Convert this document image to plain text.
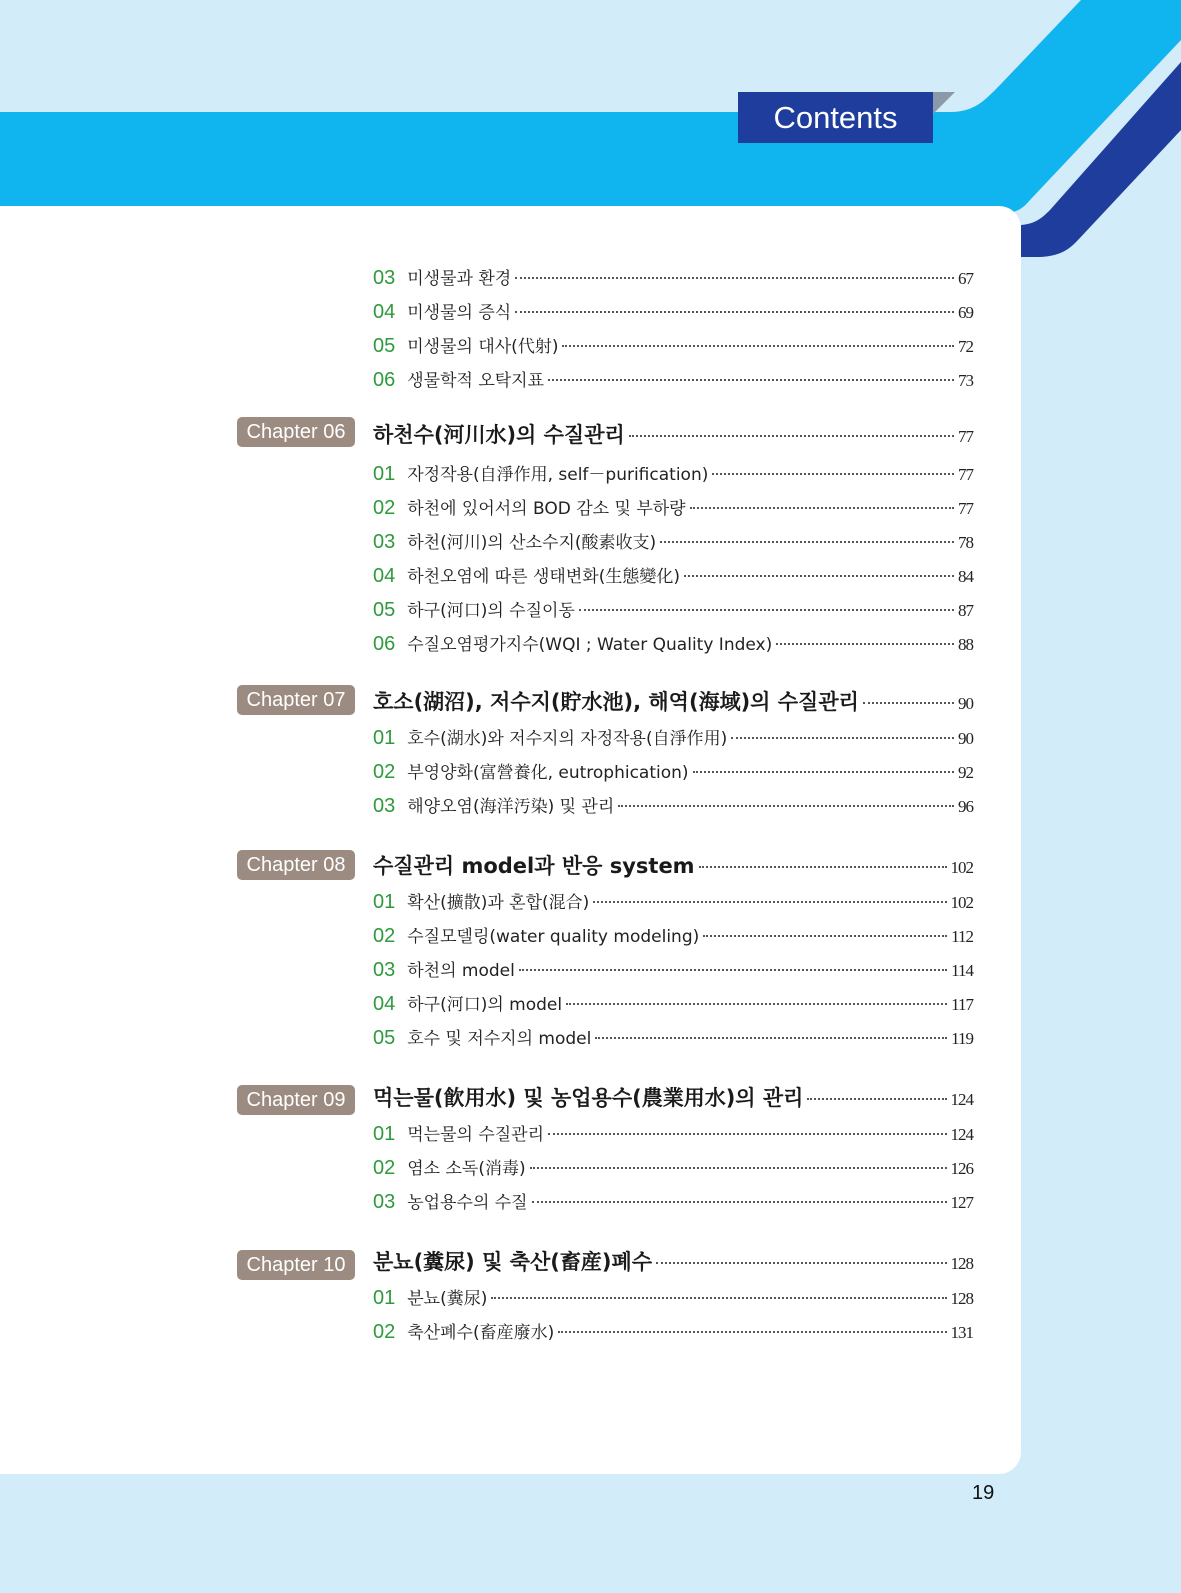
Contents
03 미생물과 환경	67
04 미생물의 증식	69
05 미생물의 대사(代射)	72
06 생물학적 오탁지표	73
Chapter 06	하천수(河川水)의 수질관리	77
01 자정작용(自淨作用, self－purification)	77
02 하천에 있어서의 BOD 감소 및 부하량	77
03 하천(河川)의 산소수지(酸素收支)	78
04 하천오염에 따른 생태변화(生態變化)	84
05 하구(河口)의 수질이동	87
06 수질오염평가지수(WQI ; Water Quality Index)	88
Chapter 07	호소(湖沼), 저수지(貯水池), 해역(海域)의 수질관리	90
01 호수(湖水)와 저수지의 자정작용(自淨作用)	90
02 부영양화(富營養化, eutrophication)	92
03 해양오염(海洋汚染) 및 관리	96
Chapter 08	수질관리 model과 반응 system	102
01 확산(擴散)과 혼합(混合)	102
02 수질모델링(water quality modeling)	112
03 하천의 model	114
04 하구(河口)의 model	117
05 호수 및 저수지의 model	119
Chapter 09	먹는물(飮用水) 및 농업용수(農業用水)의 관리	124
01 먹는물의 수질관리	124
02 염소 소독(消毒)	126
03 농업용수의 수질	127
Chapter 10	분뇨(糞尿) 및 축산(畜産)폐수	128
01 분뇨(糞尿)	128
02 축산폐수(畜産廢水)	131
19
